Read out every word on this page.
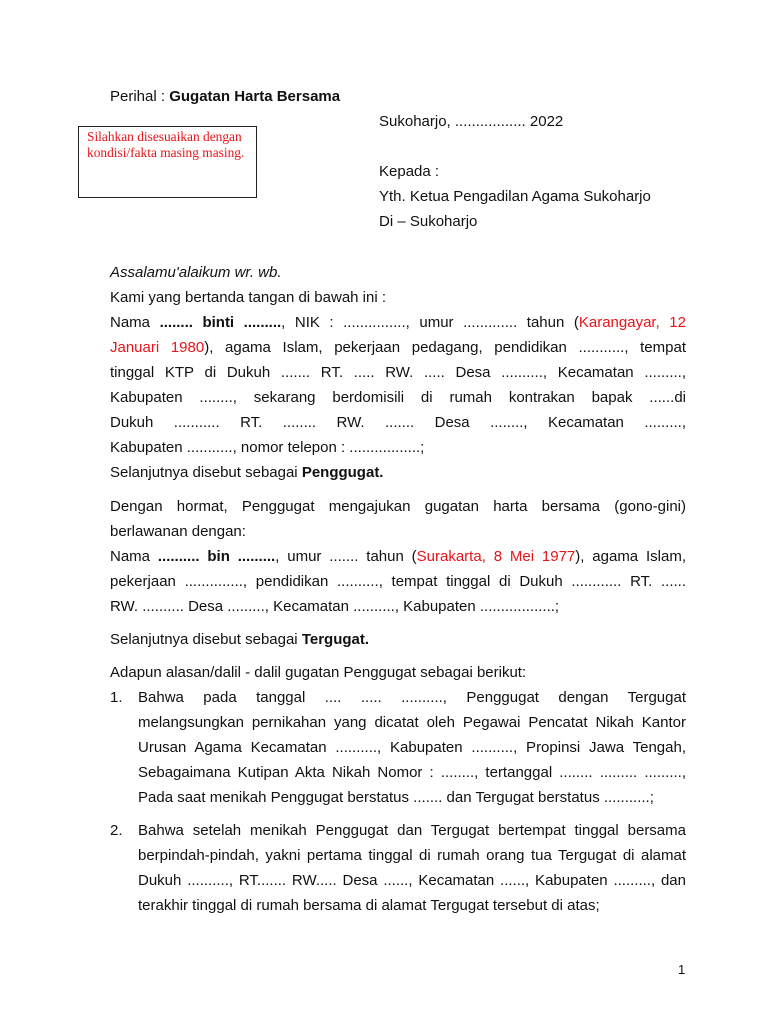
Perihal : Gugatan Harta Bersama
Sukoharjo, ................. 2022
Silahkan disesuaikan dengan kondisi/fakta masing masing.
Kepada :
Yth. Ketua Pengadilan Agama Sukoharjo
Di – Sukoharjo
Assalamu'alaikum wr. wb.
Kami yang bertanda tangan di bawah ini :
Nama ........ binti ........., NIK : ..............., umur ............. tahun (Karangayar, 12
Januari 1980), agama Islam, pekerjaan pedagang, pendidikan ..........., tempat
tinggal KTP di Dukuh ....... RT. ..... RW. ..... Desa .........., Kecamatan .........,
Kabupaten ........, sekarang berdomisili di rumah kontrakan bapak ......di
Dukuh ........... RT. ........ RW. ....... Desa ........, Kecamatan .........,
Kabupaten ..........., nomor telepon : .................;
Selanjutnya disebut sebagai Penggugat.
Dengan hormat, Penggugat mengajukan gugatan harta bersama (gono-gini)
berlawanan dengan:
Nama .......... bin ........., umur ....... tahun (Surakarta, 8 Mei 1977), agama Islam,
pekerjaan .............., pendidikan .........., tempat tinggal di Dukuh ............ RT. ......
RW. .......... Desa ........., Kecamatan .........., Kabupaten ..................;
Selanjutnya disebut sebagai Tergugat.
Adapun alasan/dalil - dalil gugatan Penggugat sebagai berikut:
1. Bahwa pada tanggal .... ..... .........., Penggugat dengan Tergugat
melangsungkan pernikahan yang dicatat oleh Pegawai Pencatat Nikah Kantor
Urusan Agama Kecamatan .........., Kabupaten .........., Propinsi Jawa Tengah,
Sebagaimana Kutipan Akta Nikah Nomor : ........, tertanggal ........ ......... .........,
Pada saat menikah Penggugat berstatus ....... dan Tergugat berstatus ...........;
2. Bahwa setelah menikah Penggugat dan Tergugat bertempat tinggal bersama
berpindah-pindah, yakni pertama tinggal di rumah orang tua Tergugat di alamat
Dukuh .........., RT....... RW..... Desa ......, Kecamatan ......, Kabupaten ........., dan
terakhir tinggal di rumah bersama di alamat Tergugat tersebut di atas;
1
